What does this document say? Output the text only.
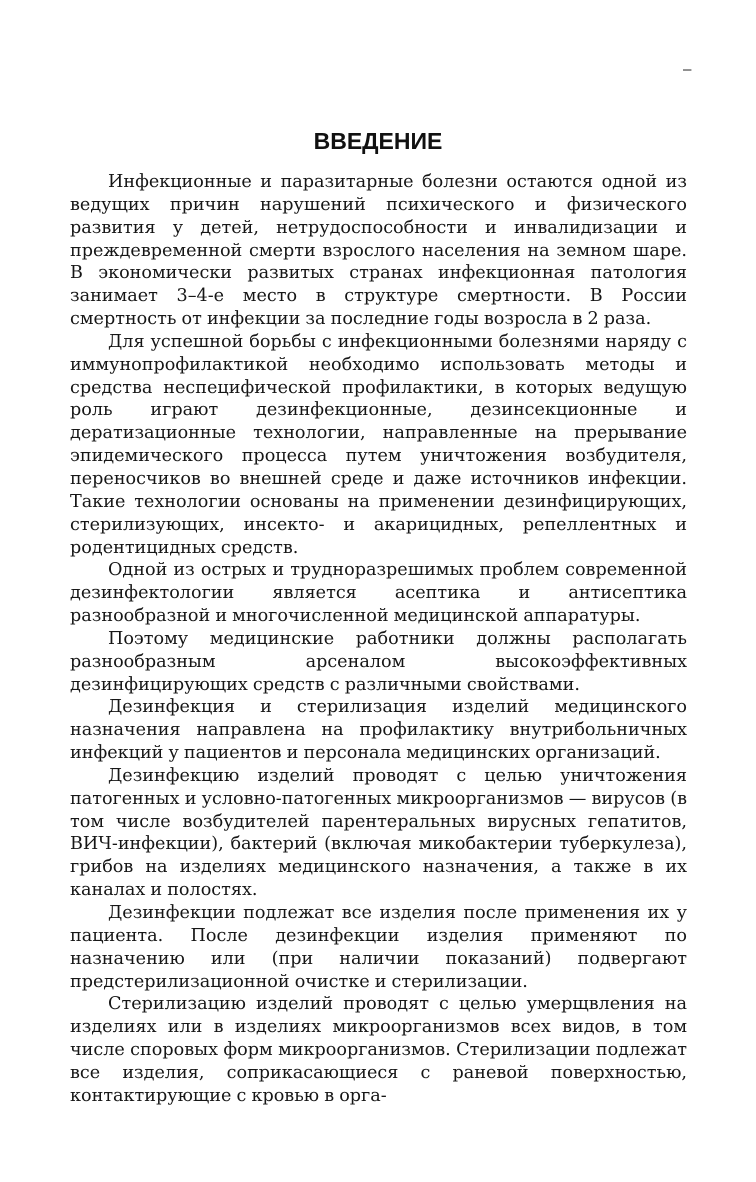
–
ВВЕДЕНИЕ

Инфекционные и паразитарные болезни остаются одной из ведущих причин нарушений психического и физического развития у детей, нетрудоспособности и инвалидизации и преждевременной смерти взрослого населения на земном шаре. В экономически развитых странах инфекционная патология занимает 3–4-е место в структуре смертности. В России смертность от инфекции за последние годы возросла в 2 раза.

Для успешной борьбы с инфекционными болезнями наряду с иммунопрофилактикой необходимо использовать методы и средства неспецифической профилактики, в которых ведущую роль играют дезинфекционные, дезинсекционные и дератизационные технологии, направленные на прерывание эпидемического процесса путем уничтожения возбудителя, переносчиков во внешней среде и даже источников инфекции. Такие технологии основаны на применении дезинфицирующих, стерилизующих, инсекто- и акарицидных, репеллентных и родентицидных средств.

Одной из острых и трудноразрешимых проблем современной дезинфектологии является асептика и антисептика разнообразной и многочисленной медицинской аппаратуры.

Поэтому медицинские работники должны располагать разнообразным арсеналом высокоэффективных дезинфицирующих средств с различными свойствами.

Дезинфекция и стерилизация изделий медицинского назначения направлена на профилактику внутрибольничных инфекций у пациентов и персонала медицинских организаций.

Дезинфекцию изделий проводят с целью уничтожения патогенных и условно-патогенных микроорганизмов — вирусов (в том числе возбудителей парентеральных вирусных гепатитов, ВИЧ-инфекции), бактерий (включая микобактерии туберкулеза), грибов на изделиях медицинского назначения, а также в их каналах и полостях.

Дезинфекции подлежат все изделия после применения их у пациента. После дезинфекции изделия применяют по назначению или (при наличии показаний) подвергают предстерилизационной очистке и стерилизации.

Стерилизацию изделий проводят с целью умерщвления на изделиях или в изделиях микроорганизмов всех видов, в том числе споровых форм микроорганизмов. Стерилизации подлежат все изделия, соприкасающиеся с раневой поверхностью, контактирующие с кровью в орга-
